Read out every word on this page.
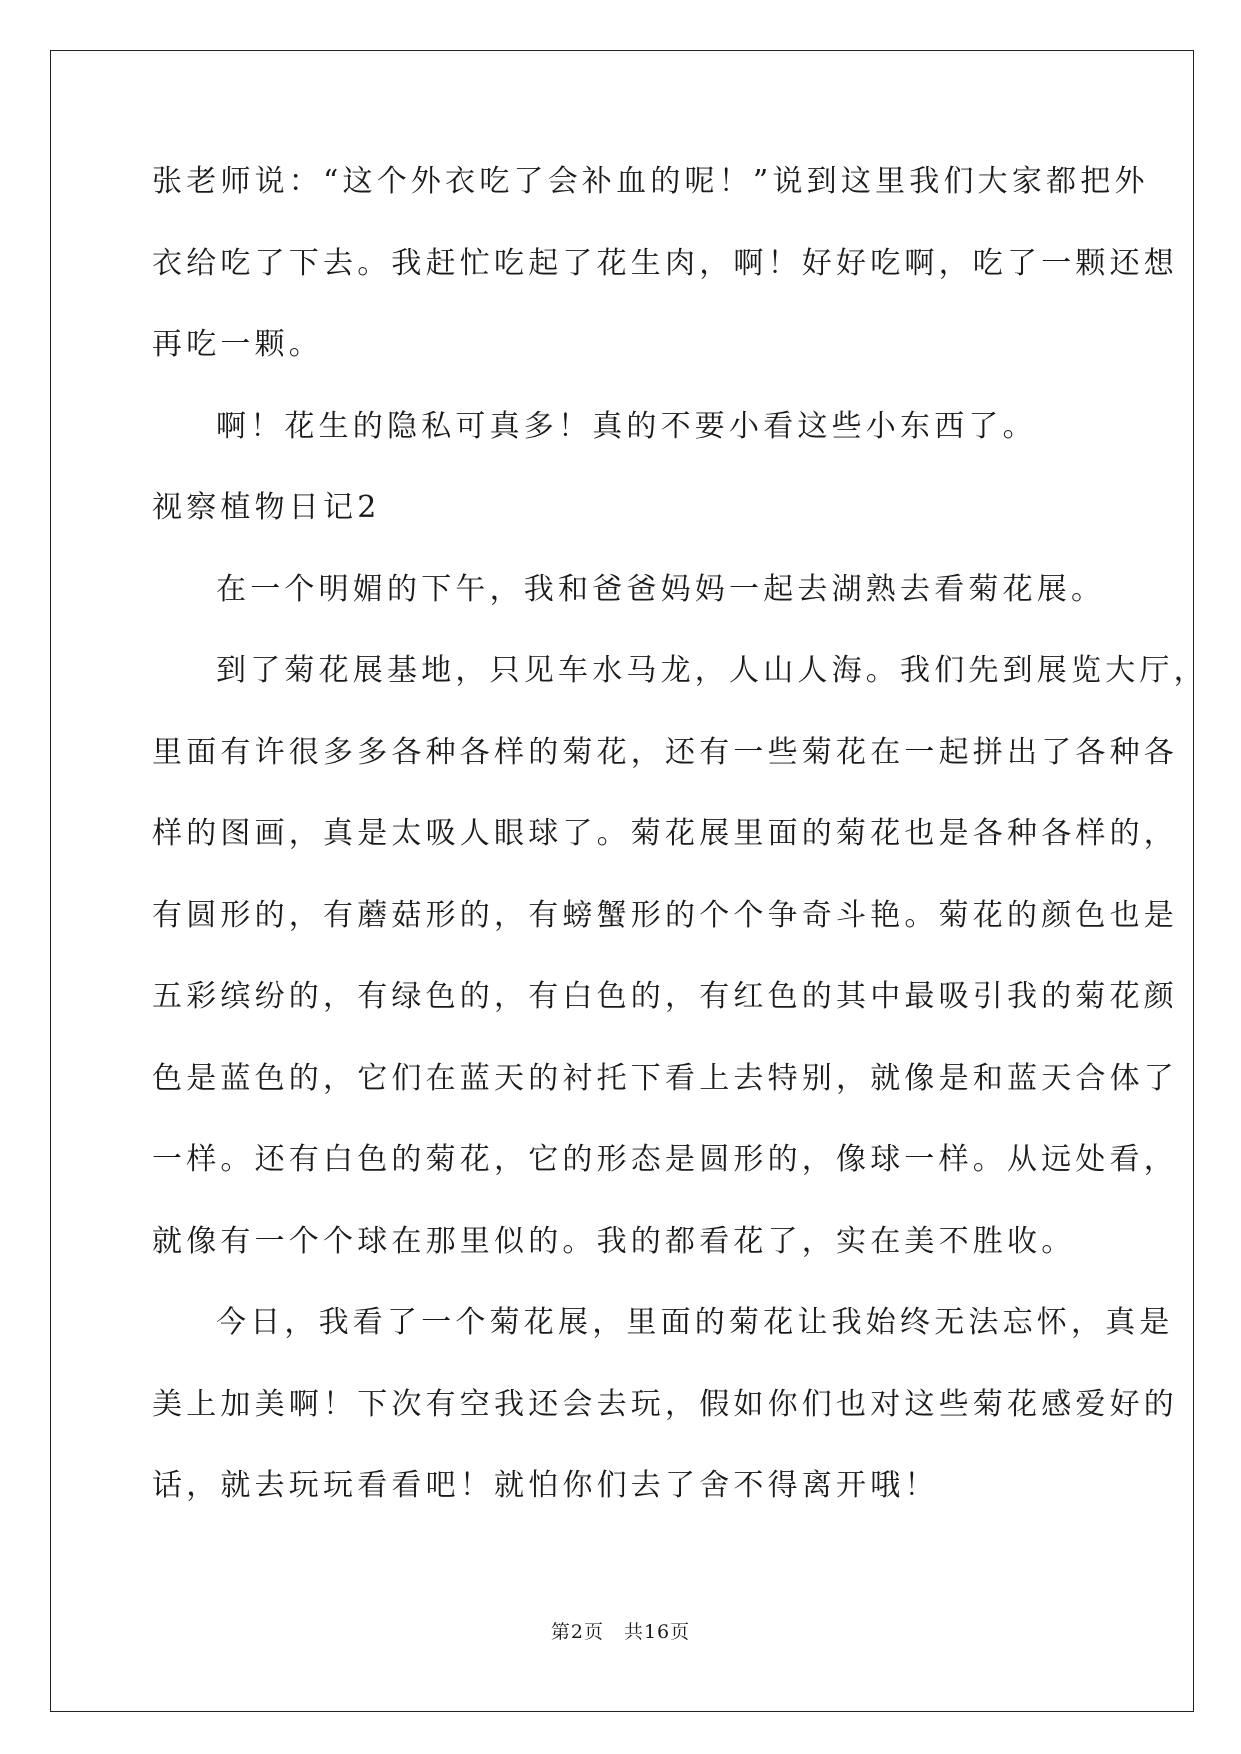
张老师说：“这个外衣吃了会补血的呢！”说到这里我们大家都把外
衣给吃了下去。我赶忙吃起了花生肉，啊！好好吃啊，吃了一颗还想
再吃一颗。
啊！花生的隐私可真多！真的不要小看这些小东西了。
视察植物日记2
在一个明媚的下午，我和爸爸妈妈一起去湖熟去看菊花展。
到了菊花展基地，只见车水马龙，人山人海。我们先到展览大厅，
里面有许很多多各种各样的菊花，还有一些菊花在一起拼出了各种各
样的图画，真是太吸人眼球了。菊花展里面的菊花也是各种各样的，
有圆形的，有蘑菇形的，有螃蟹形的个个争奇斗艳。菊花的颜色也是
五彩缤纷的，有绿色的，有白色的，有红色的其中最吸引我的菊花颜
色是蓝色的，它们在蓝天的衬托下看上去特别，就像是和蓝天合体了
一样。还有白色的菊花，它的形态是圆形的，像球一样。从远处看，
就像有一个个球在那里似的。我的都看花了，实在美不胜收。
今日，我看了一个菊花展，里面的菊花让我始终无法忘怀，真是
美上加美啊！下次有空我还会去玩，假如你们也对这些菊花感爱好的
话，就去玩玩看看吧！就怕你们去了舍不得离开哦！
第2页　共16页
